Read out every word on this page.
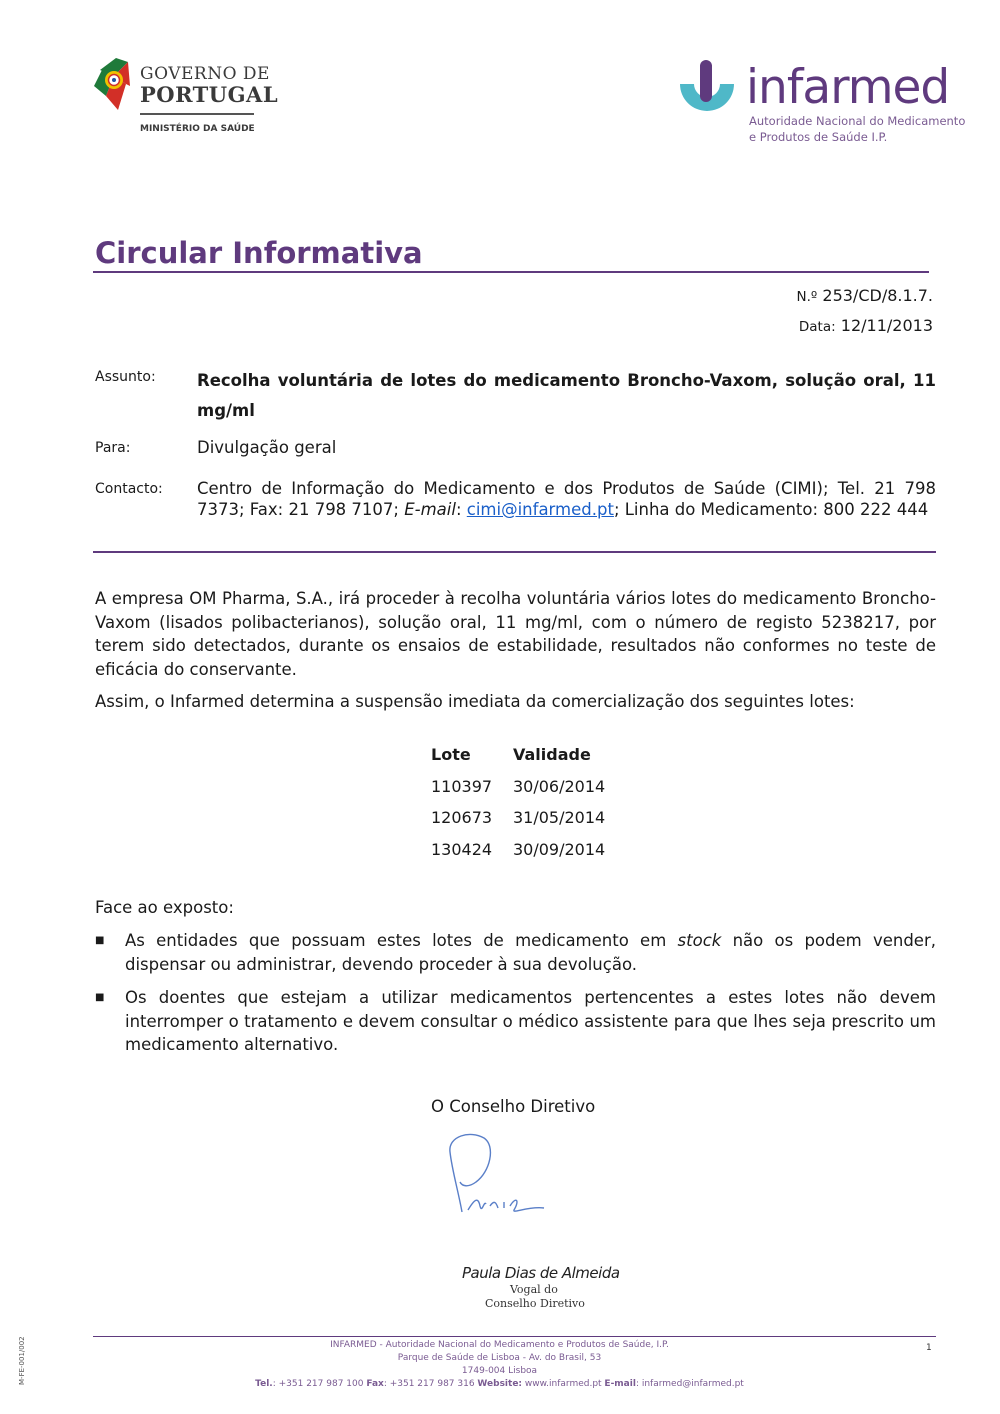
GOVERNO DE
PORTUGAL
MINISTÉRIO DA SAÚDE
infarmed
Autoridade Nacional do Medicamento
e Produtos de Saúde I.P.
Circular Informativa
N.º 253/CD/8.1.7.
Data: 12/11/2013
Assunto:	Recolha voluntária de lotes do medicamento Broncho-Vaxom, solução oral, 11 mg/ml
Para:	Divulgação geral
Contacto: Centro de Informação do Medicamento e dos Produtos de Saúde (CIMI); Tel. 21 798 7373; Fax: 21 798 7107; E-mail: cimi@infarmed.pt; Linha do Medicamento: 800 222 444
A empresa OM Pharma, S.A., irá proceder à recolha voluntária vários lotes do medicamento Broncho-Vaxom (lisados polibacterianos), solução oral, 11 mg/ml, com o número de registo 5238217, por terem sido detectados, durante os ensaios de estabilidade, resultados não conformes no teste de eficácia do conservante.
Assim, o Infarmed determina a suspensão imediata da comercialização dos seguintes lotes:
Lote	Validade
110397 30/06/2014
120673 31/05/2014
130424 30/09/2014
Face ao exposto:
■ As entidades que possuam estes lotes de medicamento em stock não os podem vender, dispensar ou administrar, devendo proceder à sua devolução.
■ Os doentes que estejam a utilizar medicamentos pertencentes a estes lotes não devem interromper o tratamento e devem consultar o médico assistente para que lhes seja prescrito um medicamento alternativo.
O Conselho Diretivo
Paula Dias de Almeida
Vogal do
Conselho Diretivo
INFARMED - Autoridade Nacional do Medicamento e Produtos de Saúde, I.P.
Parque de Saúde de Lisboa - Av. do Brasil, 53
1749-004 Lisboa
Tel.: +351 217 987 100 Fax: +351 217 987 316 Website: www.infarmed.pt E-mail: infarmed@infarmed.pt
1
M-FE-001/002
